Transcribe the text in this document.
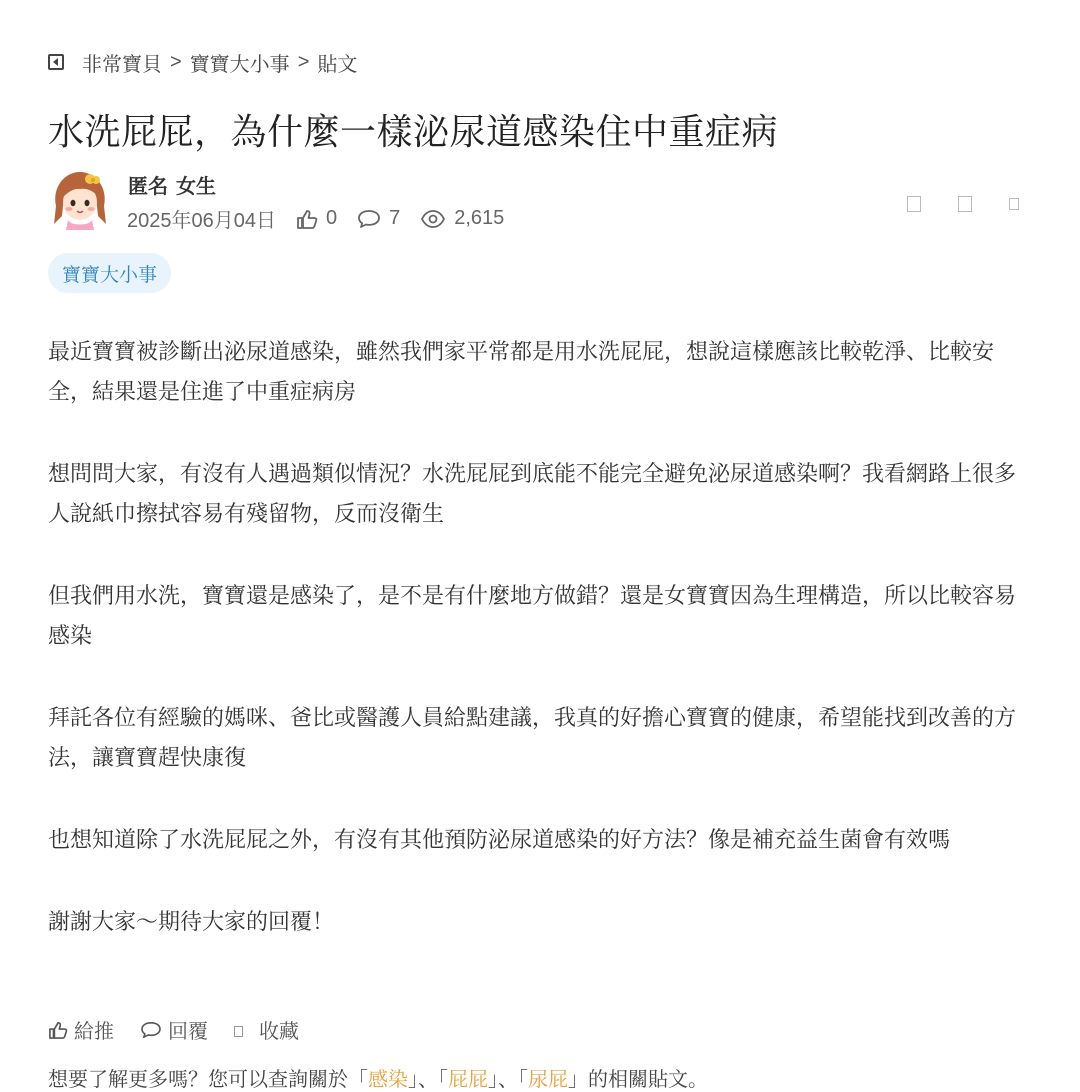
非常寶貝 > 寶寶大小事 > 貼文
水洗屁屁，為什麼一樣泌尿道感染住中重症病
匿名 女生
2025年06月04日	0	7	2,615
寶寶大小事

最近寶寶被診斷出泌尿道感染，雖然我們家平常都是用水洗屁屁，想說這樣應該比較乾淨、比較安全，結果還是住進了中重症病房

想問問大家，有沒有人遇過類似情況？水洗屁屁到底能不能完全避免泌尿道感染啊？我看網路上很多人說紙巾擦拭容易有殘留物，反而沒衛生

但我們用水洗，寶寶還是感染了，是不是有什麼地方做錯？還是女寶寶因為生理構造，所以比較容易感染

拜託各位有經驗的媽咪、爸比或醫護人員給點建議，我真的好擔心寶寶的健康，希望能找到改善的方法，讓寶寶趕快康復

也想知道除了水洗屁屁之外，有沒有其他預防泌尿道感染的好方法？像是補充益生菌會有效嗎

謝謝大家～期待大家的回覆！

給推	回覆	收藏
想要了解更多嗎？您可以查詢關於「感染」、「屁屁」、「尿屁」的相關貼文。
